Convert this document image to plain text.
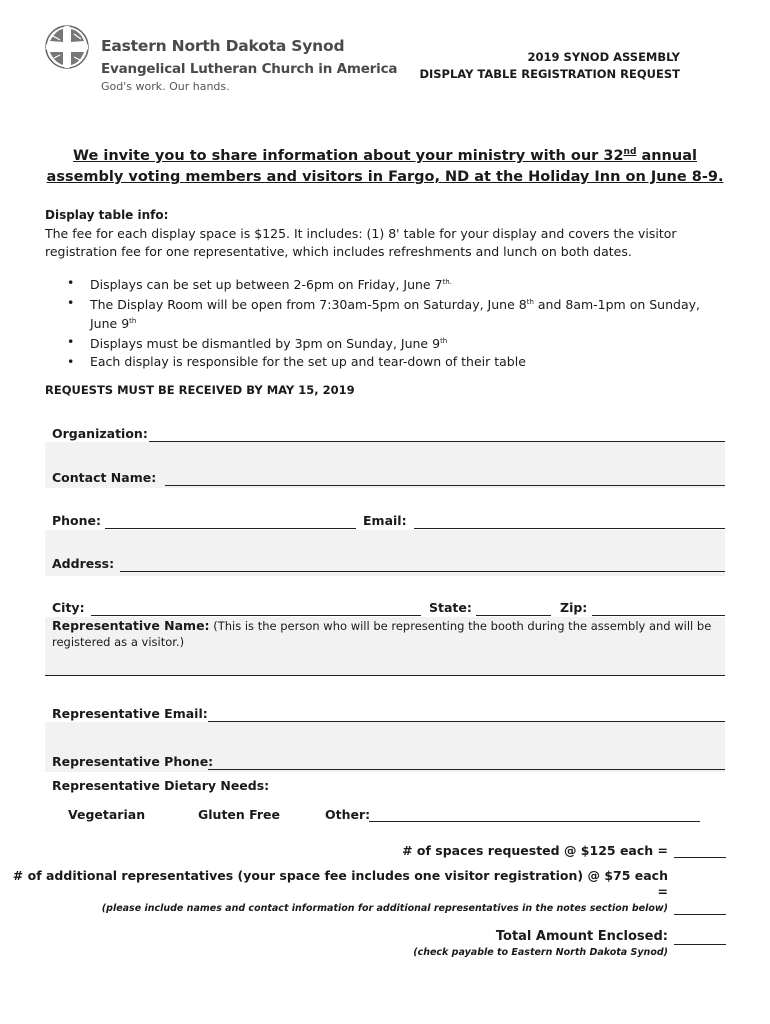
Eastern North Dakota Synod
Evangelical Lutheran Church in America
God's work. Our hands.
2019 SYNOD ASSEMBLY
DISPLAY TABLE REGISTRATION REQUEST
We invite you to share information about your ministry with our 32nd annual assembly voting members and visitors in Fargo, ND at the Holiday Inn on June 8-9.
Display table info:
The fee for each display space is $125. It includes: (1) 8' table for your display and covers the visitor registration fee for one representative, which includes refreshments and lunch on both dates.
• Displays can be set up between 2-6pm on Friday, June $7^{th.}$
• The Display Room will be open from 7:30am-5pm on Saturday, June 8th and 8am-1pm on Sunday, June 9th
• Displays must be dismantled by 3pm on Sunday, June 9th
• Each display is responsible for the set up and tear-down of their table
REQUESTS MUST BE RECEIVED BY MAY 15, 2019
Organization:
Contact Name:
Phone:	Email:
Address:
City:	State:	Zip:
Representative Name: (This is the person who will be representing the booth during the assembly and will be registered as a visitor.)
Representative Email:
Representative Phone:
Representative Dietary Needs:
Vegetarian	Gluten Free	Other:
# of spaces requested @ $125 each =
# of additional representatives (your space fee includes one visitor registration) @ $75 each
=
(please include names and contact information for additional representatives in the notes section below)
Total Amount Enclosed:
(check payable to Eastern North Dakota Synod)
